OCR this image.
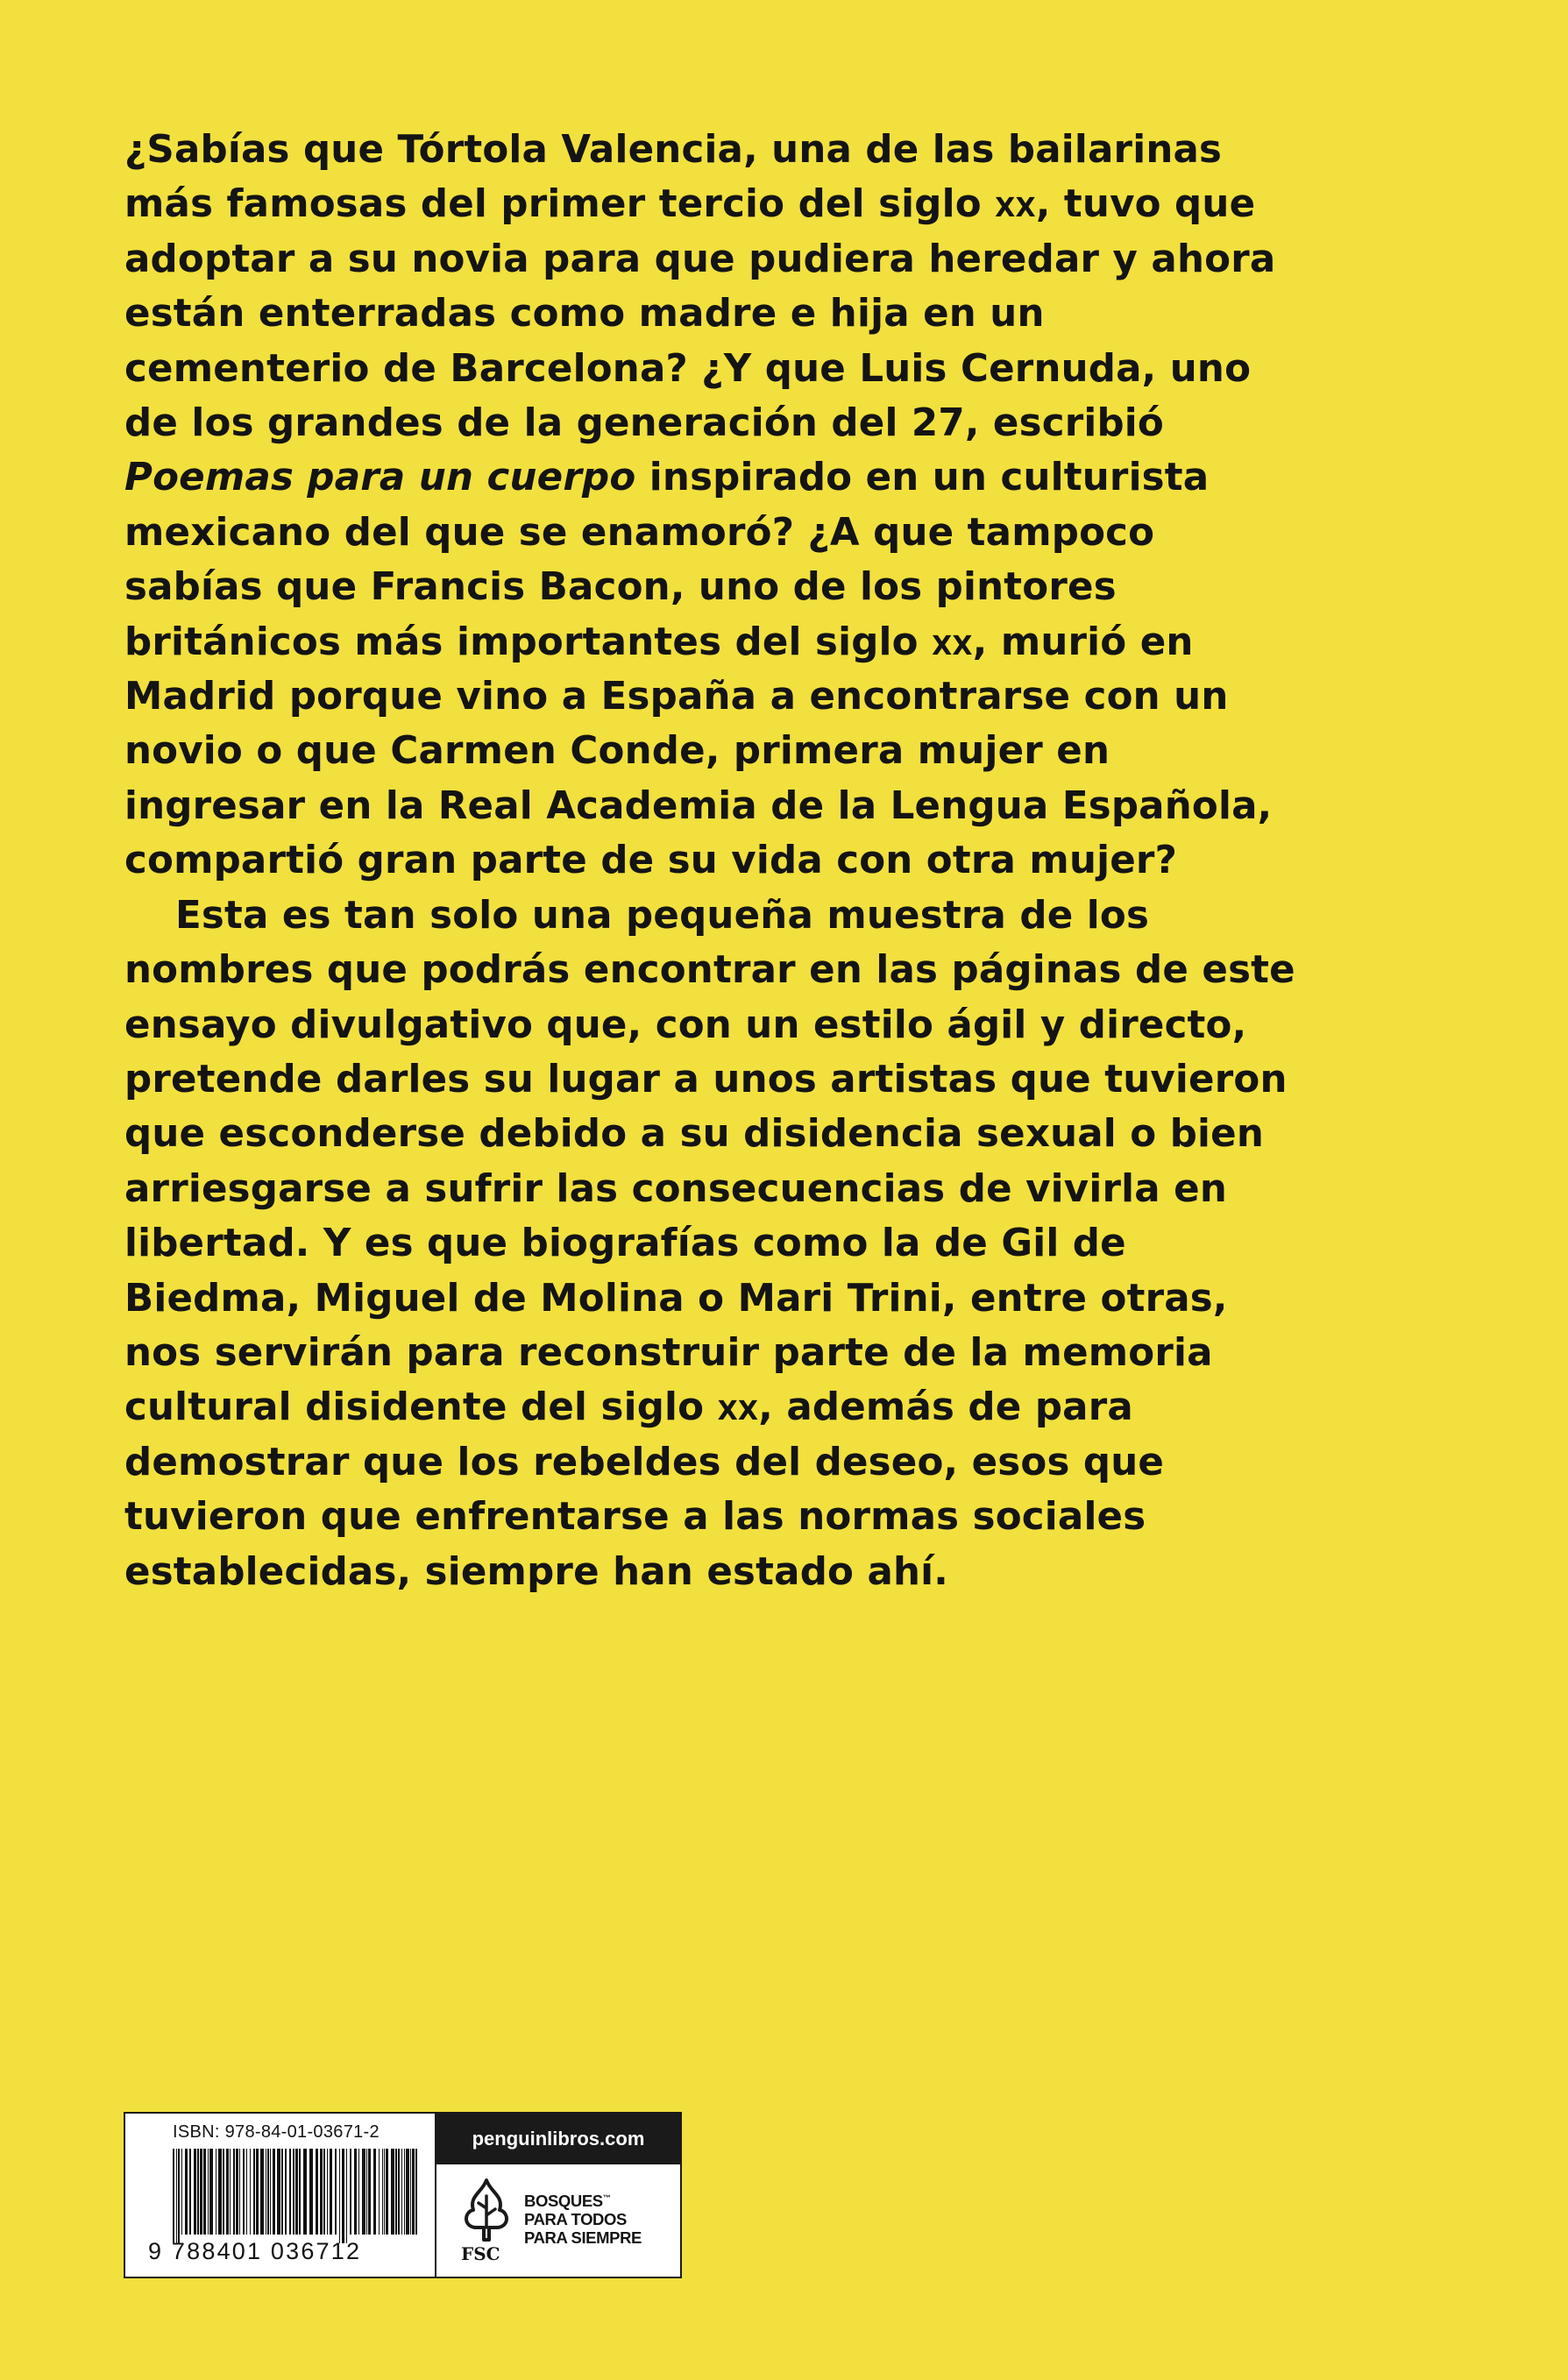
¿Sabías que Tórtola Valencia, una de las bailarinas más famosas del primer tercio del siglo xx, tuvo que adoptar a su novia para que pudiera heredar y ahora están enterradas como madre e hija en un cementerio de Barcelona? ¿Y que Luis Cernuda, uno de los grandes de la generación del 27, escribió Poemas para un cuerpo inspirado en un culturista mexicano del que se enamoró? ¿A que tampoco sabías que Francis Bacon, uno de los pintores británicos más importantes del siglo xx, murió en Madrid porque vino a España a encontrarse con un novio o que Carmen Conde, primera mujer en ingresar en la Real Academia de la Lengua Española, compartió gran parte de su vida con otra mujer?

Esta es tan solo una pequeña muestra de los nombres que podrás encontrar en las páginas de este ensayo divulgativo que, con un estilo ágil y directo, pretende darles su lugar a unos artistas que tuvieron que esconderse debido a su disidencia sexual o bien arriesgarse a sufrir las consecuencias de vivirla en libertad. Y es que biografías como la de Gil de Biedma, Miguel de Molina o Mari Trini, entre otras, nos servirán para reconstruir parte de la memoria cultural disidente del siglo xx, además de para demostrar que los rebeldes del deseo, esos que tuvieron que enfrentarse a las normas sociales establecidas, siempre han estado ahí.

ISBN: 978-84-01-03671-2
9 788401 036712
penguinlibros.com
FSC
BOSQUES™
PARA TODOS
PARA SIEMPRE
